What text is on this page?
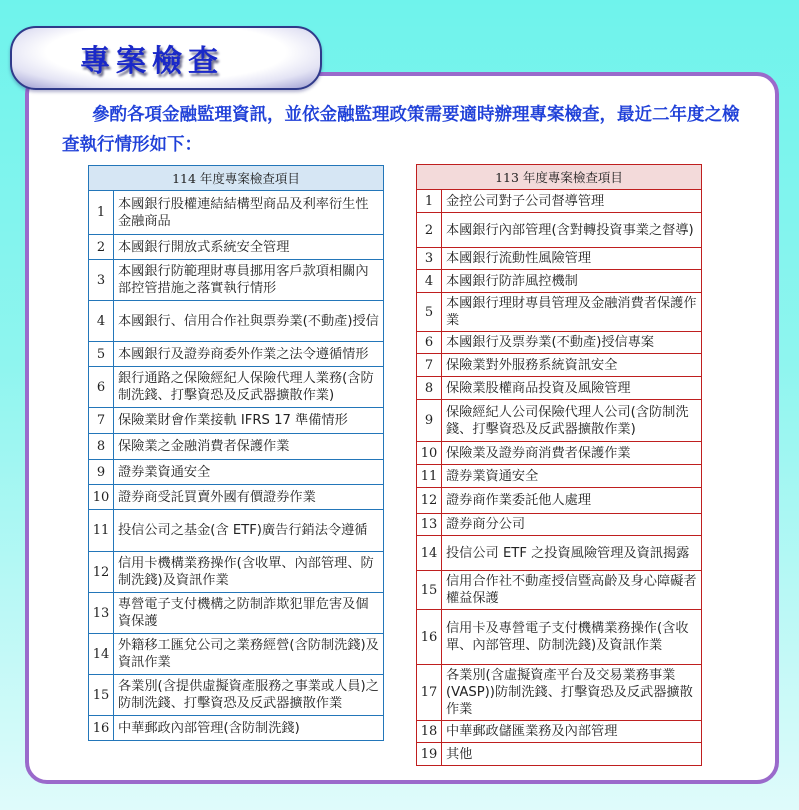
專案檢查
參酌各項金融監理資訊，並依金融監理政策需要適時辦理專案檢查，最近二年度之檢查執行情形如下：
114 年度專案檢查項目	
1	本國銀行股權連結結構型商品及利率衍生性金融商品
2	本國銀行開放式系統安全管理
3	本國銀行防範理財專員挪用客戶款項相關內部控管措施之落實執行情形
4	本國銀行、信用合作社與票券業(不動產)授信
5	本國銀行及證券商委外作業之法令遵循情形
6	銀行通路之保險經紀人保險代理人業務(含防制洗錢、打擊資恐及反武器擴散作業)
7	保險業財會作業接軌 IFRS 17 準備情形
8	保險業之金融消費者保護作業
9	證券業資通安全
10	證券商受託買賣外國有價證券作業
11	投信公司之基金(含 ETF)廣告行銷法令遵循
12	信用卡機構業務操作(含收單、內部管理、防制洗錢)及資訊作業
13	專營電子支付機構之防制詐欺犯罪危害及個資保護
14	外籍移工匯兌公司之業務經營(含防制洗錢)及資訊作業
15	各業別(含提供虛擬資產服務之事業或人員)之防制洗錢、打擊資恐及反武器擴散作業
16	中華郵政內部管理(含防制洗錢)
113 年度專案檢查項目	
1	金控公司對子公司督導管理
2	本國銀行內部管理(含對轉投資事業之督導)
3	本國銀行流動性風險管理
4	本國銀行防詐風控機制
5	本國銀行理財專員管理及金融消費者保護作業
6	本國銀行及票券業(不動產)授信專案
7	保險業對外服務系統資訊安全
8	保險業股權商品投資及風險管理
9	保險經紀人公司保險代理人公司(含防制洗錢、打擊資恐及反武器擴散作業)
10	保險業及證券商消費者保護作業
11	證券業資通安全
12	證券商作業委託他人處理
13	證券商分公司
14	投信公司 ETF 之投資風險管理及資訊揭露
15	信用合作社不動產授信暨高齡及身心障礙者權益保護
16	信用卡及專營電子支付機構業務操作(含收單、內部管理、防制洗錢)及資訊作業
17	各業別(含虛擬資產平台及交易業務事業(VASP))防制洗錢、打擊資恐及反武器擴散作業
18	中華郵政儲匯業務及內部管理
19	其他
